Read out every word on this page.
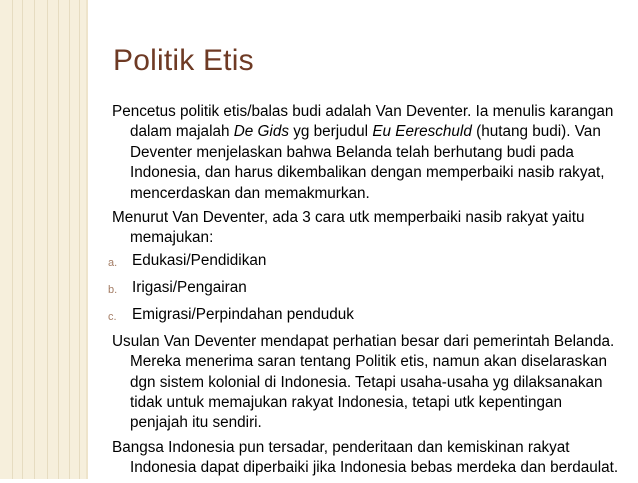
Politik Etis

Pencetus politik etis/balas budi adalah Van Deventer. Ia menulis karangan dalam majalah De Gids yg berjudul Eu Eereschuld (hutang budi). Van Deventer menjelaskan bahwa Belanda telah berhutang budi pada Indonesia, dan harus dikembalikan dengan memperbaiki nasib rakyat, mencerdaskan dan memakmurkan.

Menurut Van Deventer, ada 3 cara utk memperbaiki nasib rakyat yaitu memajukan:

a. Edukasi/Pendidikan
b. Irigasi/Pengairan
c. Emigrasi/Perpindahan penduduk

Usulan Van Deventer mendapat perhatian besar dari pemerintah Belanda. Mereka menerima saran tentang Politik etis, namun akan diselaraskan dgn sistem kolonial di Indonesia. Tetapi usaha-usaha yg dilaksanakan tidak untuk memajukan rakyat Indonesia, tetapi utk kepentingan penjajah itu sendiri.

Bangsa Indonesia pun tersadar, penderitaan dan kemiskinan rakyat Indonesia dapat diperbaiki jika Indonesia bebas merdeka dan berdaulat.
